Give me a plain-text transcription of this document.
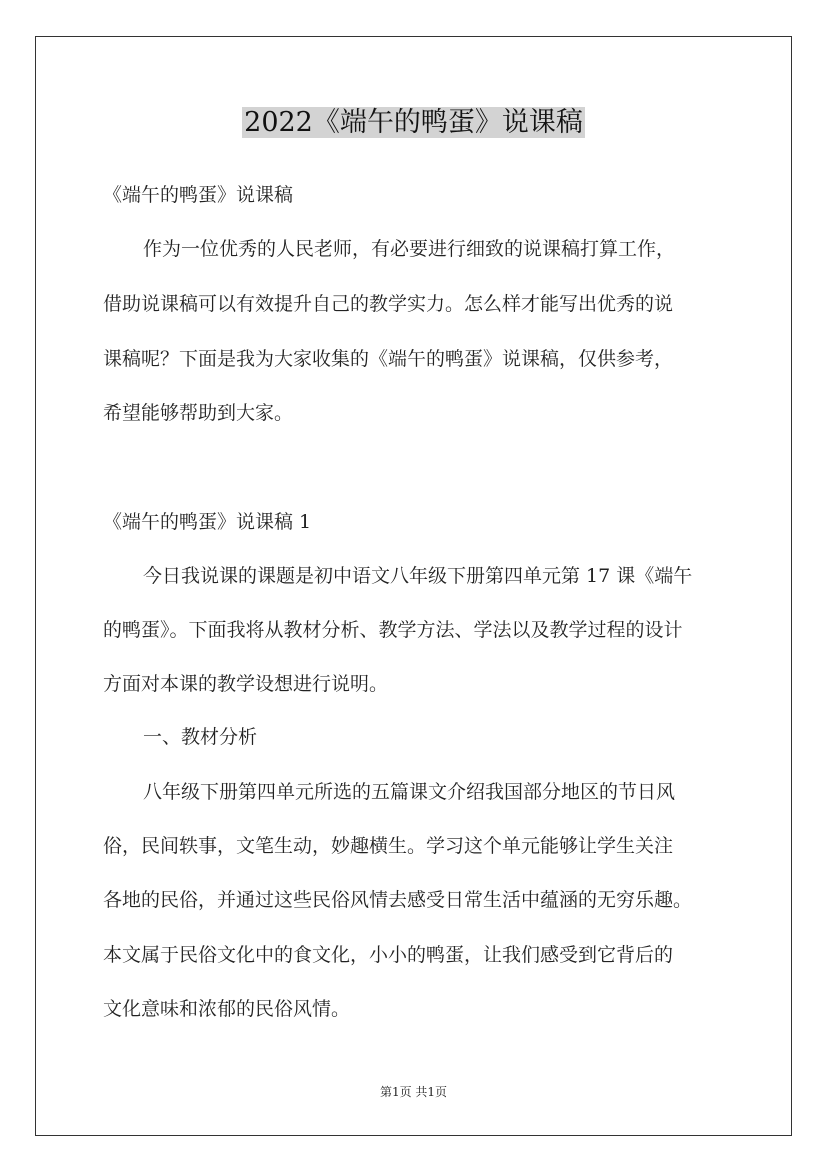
2022《端午的鸭蛋》说课稿
《端午的鸭蛋》说课稿
作为一位优秀的人民老师，有必要进行细致的说课稿打算工作，
借助说课稿可以有效提升自己的教学实力。怎么样才能写出优秀的说
课稿呢？下面是我为大家收集的《端午的鸭蛋》说课稿，仅供参考，
希望能够帮助到大家。
《端午的鸭蛋》说课稿 1
今日我说课的课题是初中语文八年级下册第四单元第 17 课《端午
的鸭蛋》。下面我将从教材分析、教学方法、学法以及教学过程的设计
方面对本课的教学设想进行说明。
一、教材分析
八年级下册第四单元所选的五篇课文介绍我国部分地区的节日风
俗，民间轶事，文笔生动，妙趣横生。学习这个单元能够让学生关注
各地的民俗，并通过这些民俗风情去感受日常生活中蕴涵的无穷乐趣。
本文属于民俗文化中的食文化，小小的鸭蛋，让我们感受到它背后的
文化意味和浓郁的民俗风情。
第1页 共1页
